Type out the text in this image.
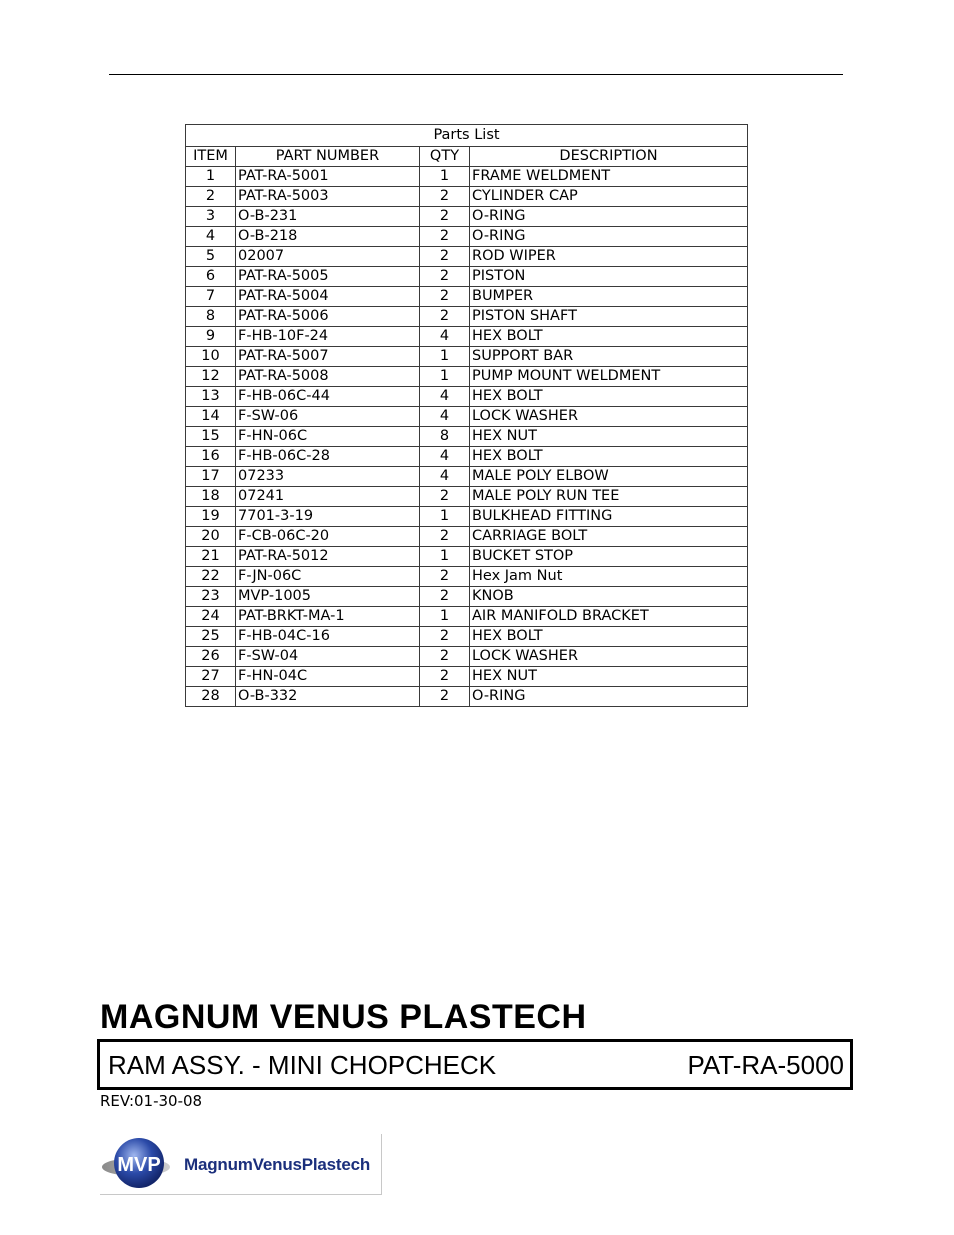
Parts List			
ITEM	PART NUMBER	QTY	DESCRIPTION
1	PAT-RA-5001	1	FRAME WELDMENT
2	PAT-RA-5003	2	CYLINDER CAP
3	O-B-231	2	O-RING
4	O-B-218	2	O-RING
5	02007	2	ROD WIPER
6	PAT-RA-5005	2	PISTON
7	PAT-RA-5004	2	BUMPER
8	PAT-RA-5006	2	PISTON SHAFT
9	F-HB-10F-24	4	HEX BOLT
10	PAT-RA-5007	1	SUPPORT BAR
12	PAT-RA-5008	1	PUMP MOUNT WELDMENT
13	F-HB-06C-44	4	HEX BOLT
14	F-SW-06	4	LOCK WASHER
15	F-HN-06C	8	HEX NUT
16	F-HB-06C-28	4	HEX BOLT
17	07233	4	MALE POLY ELBOW
18	07241	2	MALE POLY RUN TEE
19	7701-3-19	1	BULKHEAD FITTING
20	F-CB-06C-20	2	CARRIAGE BOLT
21	PAT-RA-5012	1	BUCKET STOP
22	F-JN-06C	2	Hex Jam Nut
23	MVP-1005	2	KNOB
24	PAT-BRKT-MA-1	1	AIR MANIFOLD BRACKET
25	F-HB-04C-16	2	HEX BOLT
26	F-SW-04	2	LOCK WASHER
27	F-HN-04C	2	HEX NUT
28	O-B-332	2	O-RING
MAGNUM VENUS PLASTECH
RAM ASSY. - MINI CHOPCHECK	PAT-RA-5000
REV:01-30-08
MVP MagnumVenusPlastech
